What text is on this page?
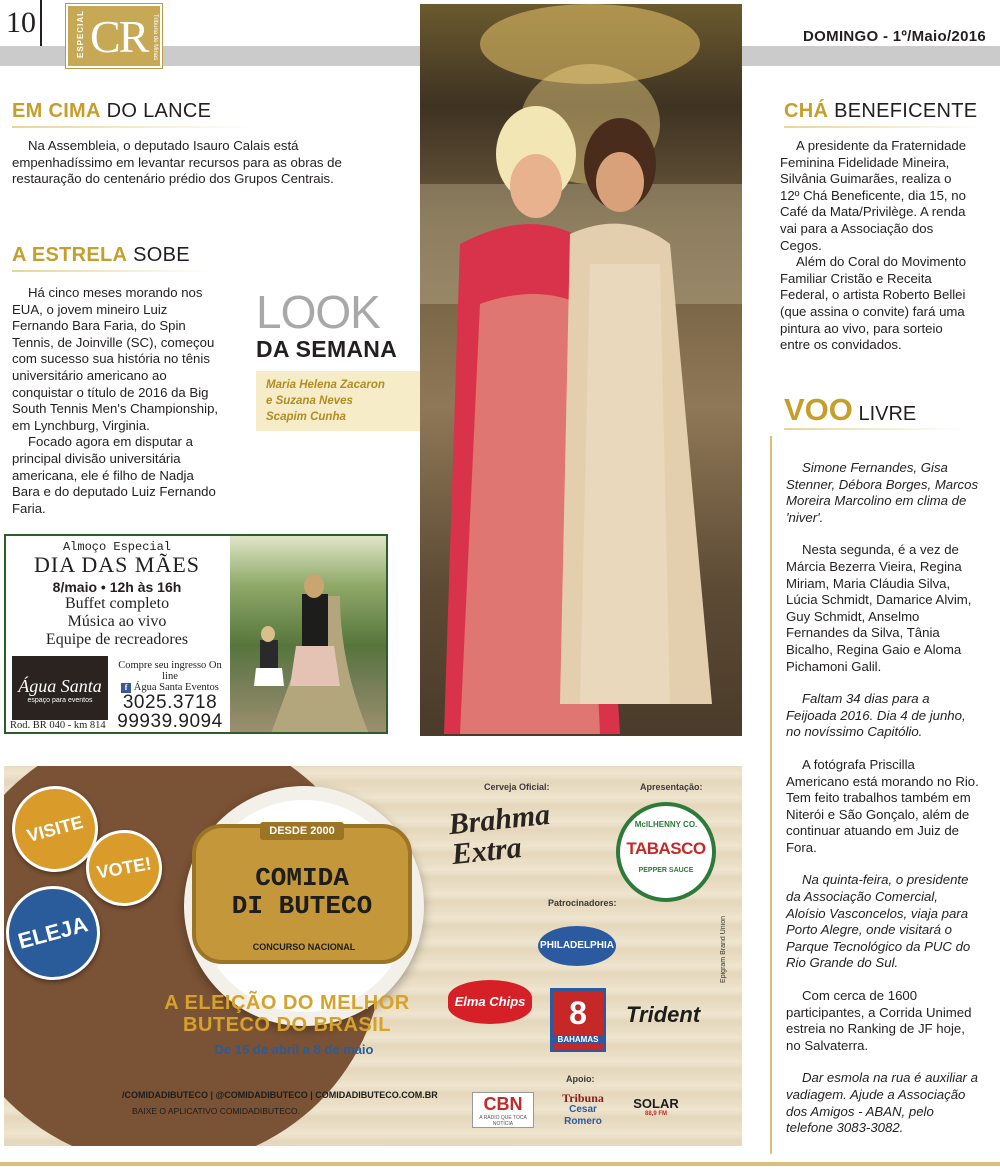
10	ESPECIAL CR Tribuna de Minas	DOMINGO - 1º/Maio/2016
EM CIMA DO LANCE

Na Assembleia, o deputado Isauro Calais está empenhadíssimo em levantar recursos para as obras de restauração do centenário prédio dos Grupos Centrais.

A ESTRELA SOBE

Há cinco meses morando nos EUA, o jovem mineiro Luiz Fernando Bara Faria, do Spin Tennis, de Joinville (SC), começou com sucesso sua história no tênis universitário americano ao conquistar o título de 2016 da Big South Tennis Men's Championship, em Lynchburg, Virginia.

Focado agora em disputar a principal divisão universitária americana, ele é filho de Nadja Bara e do deputado Luiz Fernando Faria.

LOOK
DA SEMANA
Maria Helena Zacaron
e Suzana Neves
Scapim Cunha
Almoço Especial
DIA DAS MÃES
8/maio • 12h às 16h
Buffet completo
Música ao vivo
Equipe de recreadores
Água Santa
espaço para eventos
Compre seu ingresso On line
f Água Santa Eventos
3025.3718
99939.9094
Rod. BR 040 - km 814
DESDE 2000
COMIDA
DI BUTECO
CONCURSO NACIONAL
VISITE
VOTE!
ELEJA
A ELEIÇÃO DO MELHOR
BUTECO DO BRASIL
De 15 de abril a 8 de maio
/COMIDADIBUTECO | @COMIDADIBUTECO | COMIDADIBUTECO.COM.BR
BAIXE O APLICATIVO COMIDADIBUTECO.
Cerveja Oficial:	Apresentação:
Patrocinadores:
Apoio:
Brahma Extra
McILHENNY CO.
TABASCO
PEPPER SAUCE
PHILADELPHIA
Elma Chips	8
BAHAMAS
Trident
CBN
A RÁDIO QUE TOCA NOTÍCIA
Tribuna
Cesar Romero
SOLAR
88,9 FM
Epigram Brand Union
CHÁ BENEFICENTE

A presidente da Fraternidade Feminina Fidelidade Mineira, Silvânia Guimarães, realiza o 12º Chá Beneficente, dia 15, no Café da Mata/Privilège. A renda vai para a Associação dos Cegos.

Além do Coral do Movimento Familiar Cristão e Receita Federal, o artista Roberto Bellei (que assina o convite) fará uma pintura ao vivo, para sorteio entre os convidados.

VOO LIVRE

Simone Fernandes, Gisa Stenner, Débora Borges, Marcos Moreira Marcolino em clima de 'niver'.

Nesta segunda, é a vez de Márcia Bezerra Vieira, Regina Miriam, Maria Cláudia Silva, Lúcia Schmidt, Damarice Alvim, Guy Schmidt, Anselmo Fernandes da Silva, Tânia Bicalho, Regina Gaio e Aloma Pichamoni Galil.

Faltam 34 dias para a Feijoada 2016. Dia 4 de junho, no novíssimo Capitólio.

A fotógrafa Priscilla Americano está morando no Rio. Tem feito trabalhos também em Niterói e São Gonçalo, além de continuar atuando em Juiz de Fora.

Na quinta-feira, o presidente da Associação Comercial, Aloísio Vasconcelos, viaja para Porto Alegre, onde visitará o Parque Tecnológico da PUC do Rio Grande do Sul.

Com cerca de 1600 participantes, a Corrida Unimed estreia no Ranking de JF hoje, no Salvaterra.

Dar esmola na rua é auxiliar a vadiagem. Ajude a Associação dos Amigos - ABAN, pelo telefone 3083-3082.
